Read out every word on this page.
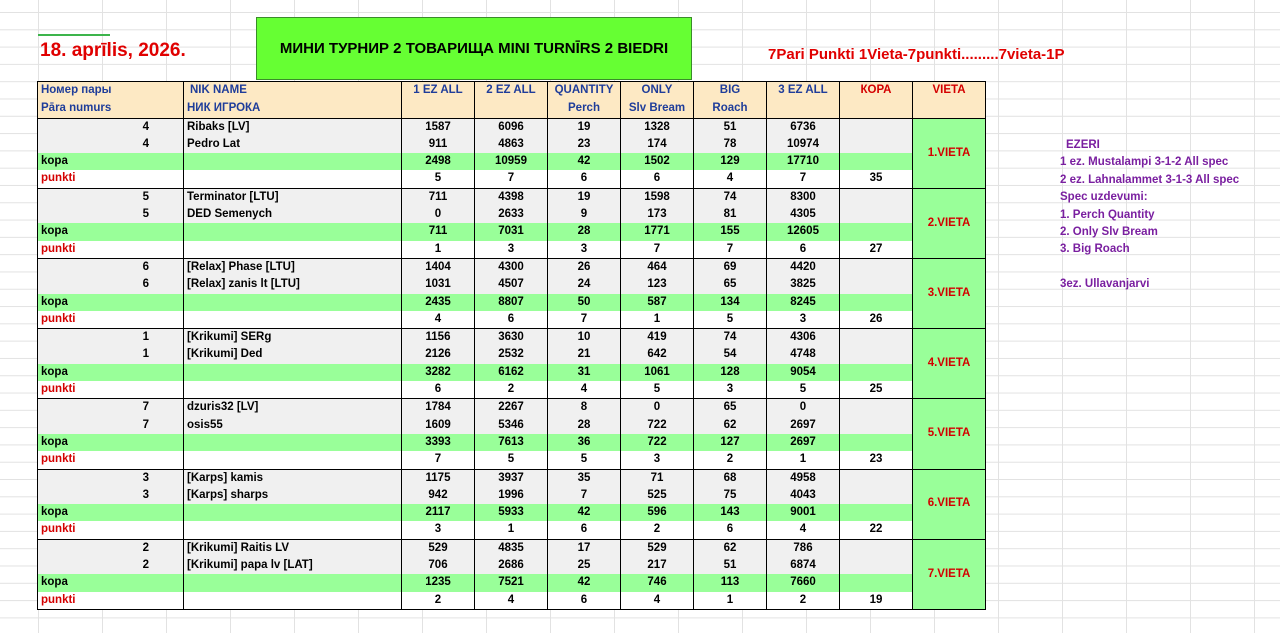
18. aprīlis, 2026.	МИНИ ТУРНИР 2 ТОВАРИЩА MINI TURNĪRS 2 BIEDRI	7Pari Punkti 1Vieta-7punkti.........7vieta-1P
Номер пары	NIK NAME	1 EZ ALL	2 EZ ALL	QUANTITY	ONLY	BIG	3 EZ ALL	КОРА	VIETA
Pāra numurs	НИК ИГРОКА			Perch	Slv Bream	Roach			
4	Ribaks [LV]	1587	6096	19	1328	51	6736		1.VIETA
4	Pedro Lat	911	4863	23	174	78	10974		
kopa		2498	10959	42	1502	129	17710		
punkti		5	7	6	6	4	7	35	
5	Terminator [LTU]	711	4398	19	1598	74	8300		2.VIETA
5	DED Semenych	0	2633	9	173	81	4305		
kopa		711	7031	28	1771	155	12605		
punkti		1	3	3	7	7	6	27	
6	[Relax] Phase [LTU]	1404	4300	26	464	69	4420		3.VIETA
6	[Relax] zanis lt [LTU]	1031	4507	24	123	65	3825		
kopa		2435	8807	50	587	134	8245		
punkti		4	6	7	1	5	3	26	
1	[Krikumi] SERg	1156	3630	10	419	74	4306		4.VIETA
1	[Krikumi] Ded	2126	2532	21	642	54	4748		
kopa		3282	6162	31	1061	128	9054		
punkti		6	2	4	5	3	5	25	
7	dzuris32 [LV]	1784	2267	8	0	65	0		5.VIETA
7	osis55	1609	5346	28	722	62	2697		
kopa		3393	7613	36	722	127	2697		
punkti		7	5	5	3	2	1	23	
3	[Karps] kamis	1175	3937	35	71	68	4958		6.VIETA
3	[Karps] sharps	942	1996	7	525	75	4043		
kopa		2117	5933	42	596	143	9001		
punkti		3	1	6	2	6	4	22	
2	[Krikumi] Raitis LV	529	4835	17	529	62	786		7.VIETA
2	[Krikumi] papa lv [LAT]	706	2686	25	217	51	6874		
kopa		1235	7521	42	746	113	7660		
punkti		2	4	6	4	1	2	19	
EZERI
1 ez. Mustalampi 3-1-2 All spec
2 ez. Lahnalammet 3-1-3 All spec
Spec uzdevumi:
1. Perch Quantity
2. Only Slv Bream
3. Big Roach
3ez. Ullavanjarvi
